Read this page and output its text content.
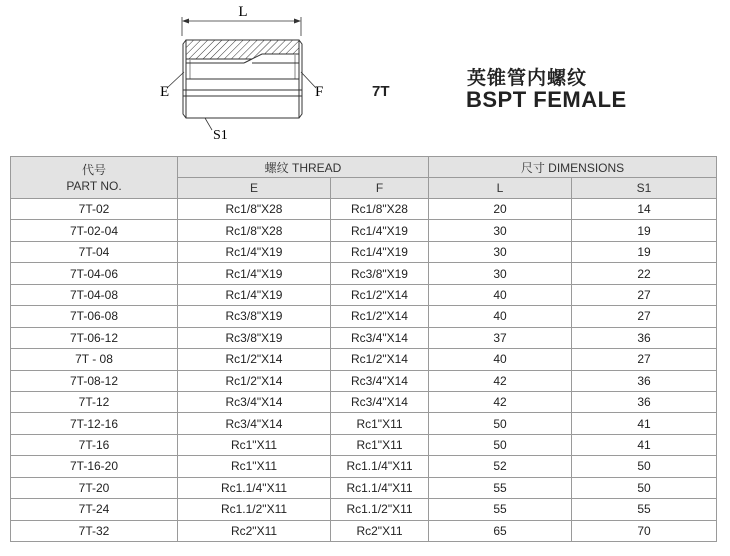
L
E	F
S1
7T
英锥管内螺纹
BSPT FEMALE
代号
PART NO.	螺纹 THREAD		尺寸 DIMENSIONS	
	E	F	L	S1
7T-02	Rc1/8"X28	Rc1/8"X28	20	14
7T-02-04	Rc1/8"X28	Rc1/4"X19	30	19
7T-04	Rc1/4"X19	Rc1/4"X19	30	19
7T-04-06	Rc1/4"X19	Rc3/8"X19	30	22
7T-04-08	Rc1/4"X19	Rc1/2"X14	40	27
7T-06-08	Rc3/8"X19	Rc1/2"X14	40	27
7T-06-12	Rc3/8"X19	Rc3/4"X14	37	36
7T - 08	Rc1/2"X14	Rc1/2"X14	40	27
7T-08-12	Rc1/2"X14	Rc3/4"X14	42	36
7T-12	Rc3/4"X14	Rc3/4"X14	42	36
7T-12-16	Rc3/4"X14	Rc1"X11	50	41
7T-16	Rc1"X11	Rc1"X11	50	41
7T-16-20	Rc1"X11	Rc1.1/4"X11	52	50
7T-20	Rc1.1/4"X11	Rc1.1/4"X11	55	50
7T-24	Rc1.1/2"X11	Rc1.1/2"X11	55	55
7T-32	Rc2"X11	Rc2"X11	65	70
